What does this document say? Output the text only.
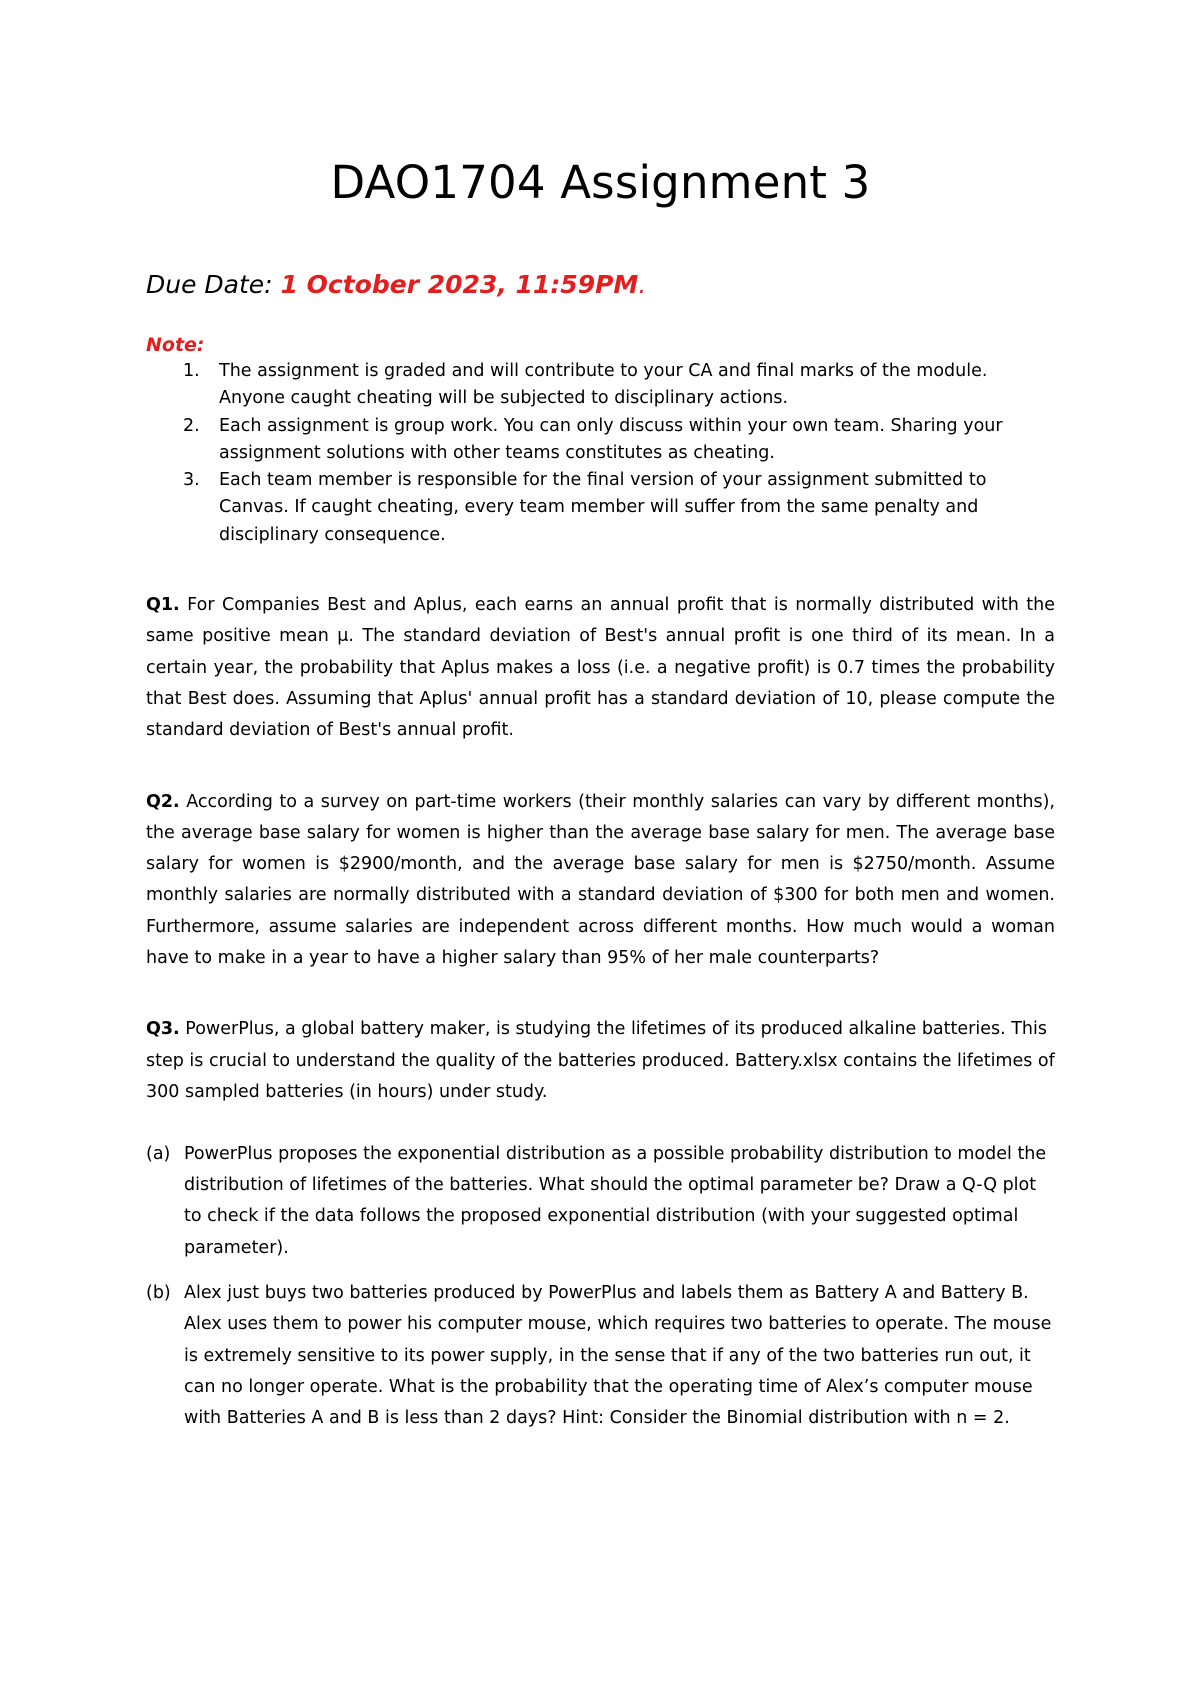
DAO1704 Assignment 3
Due Date: 1 October 2023, 11:59PM.
Note:
1. The assignment is graded and will contribute to your CA and final marks of the module. Anyone caught cheating will be subjected to disciplinary actions.
2. Each assignment is group work. You can only discuss within your own team. Sharing your assignment solutions with other teams constitutes as cheating.
3. Each team member is responsible for the final version of your assignment submitted to Canvas. If caught cheating, every team member will suffer from the same penalty and disciplinary consequence.

Q1. For Companies Best and Aplus, each earns an annual profit that is normally distributed with the same positive mean μ. The standard deviation of Best's annual profit is one third of its mean. In a certain year, the probability that Aplus makes a loss (i.e. a negative profit) is 0.7 times the probability that Best does. Assuming that Aplus' annual profit has a standard deviation of 10, please compute the standard deviation of Best's annual profit.

Q2. According to a survey on part-time workers (their monthly salaries can vary by different months), the average base salary for women is higher than the average base salary for men. The average base salary for women is $2900/month, and the average base salary for men is $2750/month. Assume monthly salaries are normally distributed with a standard deviation of $300 for both men and women. Furthermore, assume salaries are independent across different months. How much would a woman have to make in a year to have a higher salary than 95% of her male counterparts?

Q3. PowerPlus, a global battery maker, is studying the lifetimes of its produced alkaline batteries. This step is crucial to understand the quality of the batteries produced. Battery.xlsx contains the lifetimes of 300 sampled batteries (in hours) under study.

(a) PowerPlus proposes the exponential distribution as a possible probability distribution to model the distribution of lifetimes of the batteries. What should the optimal parameter be? Draw a Q-Q plot to check if the data follows the proposed exponential distribution (with your suggested optimal parameter).
(b) Alex just buys two batteries produced by PowerPlus and labels them as Battery A and Battery B. Alex uses them to power his computer mouse, which requires two batteries to operate. The mouse is extremely sensitive to its power supply, in the sense that if any of the two batteries run out, it can no longer operate. What is the probability that the operating time of Alex’s computer mouse with Batteries A and B is less than 2 days? Hint: Consider the Binomial distribution with n = 2.
